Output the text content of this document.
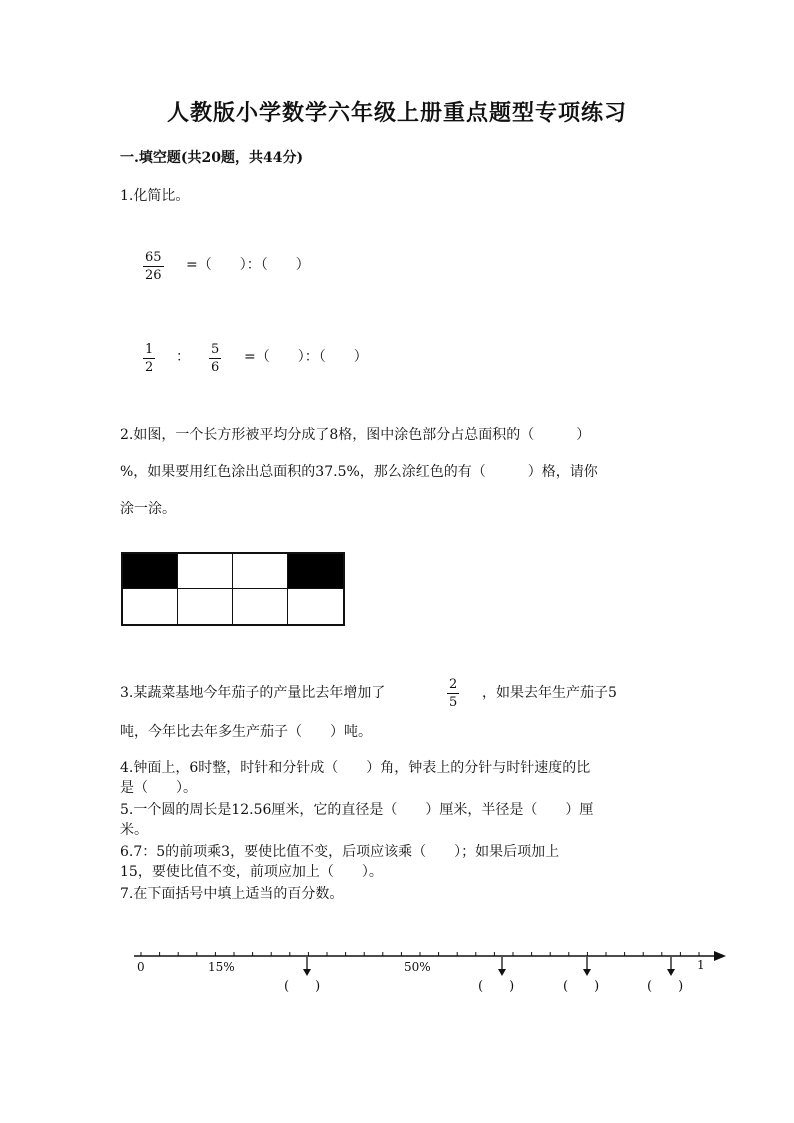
人教版小学数学六年级上册重点题型专项练习
一.填空题(共20题，共44分)
1.化简比。
$\frac{65}{26}$ =（　　）：（　　）
$\frac{1}{2}$ ： $\frac{5}{6}$ =（　　）：（　　）
2.如图，一个长方形被平均分成了8格，图中涂色部分占总面积的（　　　）
%，如果要用红色涂出总面积的37.5%，那么涂红色的有（　　　）格，请你
涂一涂。
3.某蔬菜基地今年茄子的产量比去年增加了	$\frac{2}{5}$ ，如果去年生产茄子5
吨，今年比去年多生产茄子（　　）吨。
4.钟面上，6时整，时针和分针成（　　）角，钟表上的分针与时针速度的比
是（　　）。
5.一个圆的周长是12.56厘米，它的直径是（　　）厘米，半径是（　　）厘
米。
6.7：5的前项乘3，要使比值不变，后项应该乘（　　）；如果后项加上
15，要使比值不变，前项应加上（　　）。
7.在下面括号中填上适当的百分数。
0	15%	50%	1
(　　)	(　　)	(　　)	(　　)
